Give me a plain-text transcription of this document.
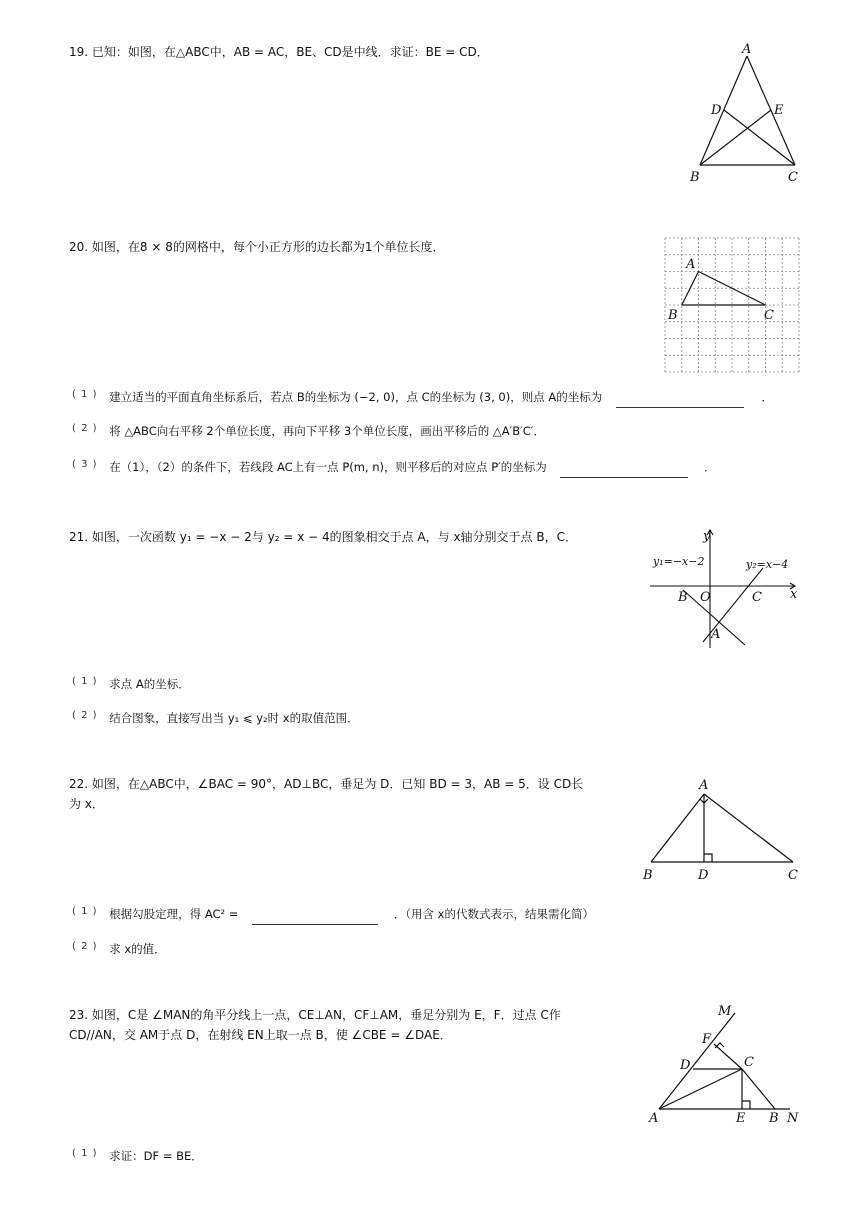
19. 已知：如图，在△ABC中，AB = AC，BE、CD是中线．求证：BE = CD．	A
D	E
B	C
20. 如图，在8 × 8的网格中，每个小正方形的边长都为1个单位长度．
A
B	C
( 1 ) 建立适当的平面直角坐标系后，若点 B的坐标为 (−2, 0)，点 C的坐标为 (3, 0)，则点 A的坐标为	．
( 2 ) 将 △ABC向右平移 2个单位长度，再向下平移 3个单位长度，画出平移后的 △A′B′C′．
( 3 ) 在（1），（2）的条件下，若线段 AC上有一点 P(m, n)，则平移后的对应点 P′的坐标为	．
21. 如图，一次函数 y₁ = −x − 2与 y₂ = x − 4的图象相交于点 A，与 x轴分别交于点 B，C．
y₁=−x−2	y₂=x−4
y
x
B O	C
A
( 1 ) 求点 A的坐标．
( 2 ) 结合图象，直接写出当 y₁ ⩽ y₂时 x的取值范围．
22. 如图，在△ABC中，∠BAC = 90°，AD⊥BC，垂足为 D．已知 BD = 3，AB = 5．设 CD长
为 x．
A
B	D	C
( 1 ) 根据勾股定理，得 AC² =	．（用含 x的代数式表示，结果需化简）
( 2 ) 求 x的值．
23. 如图，C是 ∠MAN的角平分线上一点，CE⊥AN，CF⊥AM，垂足分别为 E，F．过点 C作
CD//AN，交 AM于点 D，在射线 EN上取一点 B，使 ∠CBE = ∠DAE．
M
F
D	C
A	E B N
( 1 ) 求证：DF = BE．
